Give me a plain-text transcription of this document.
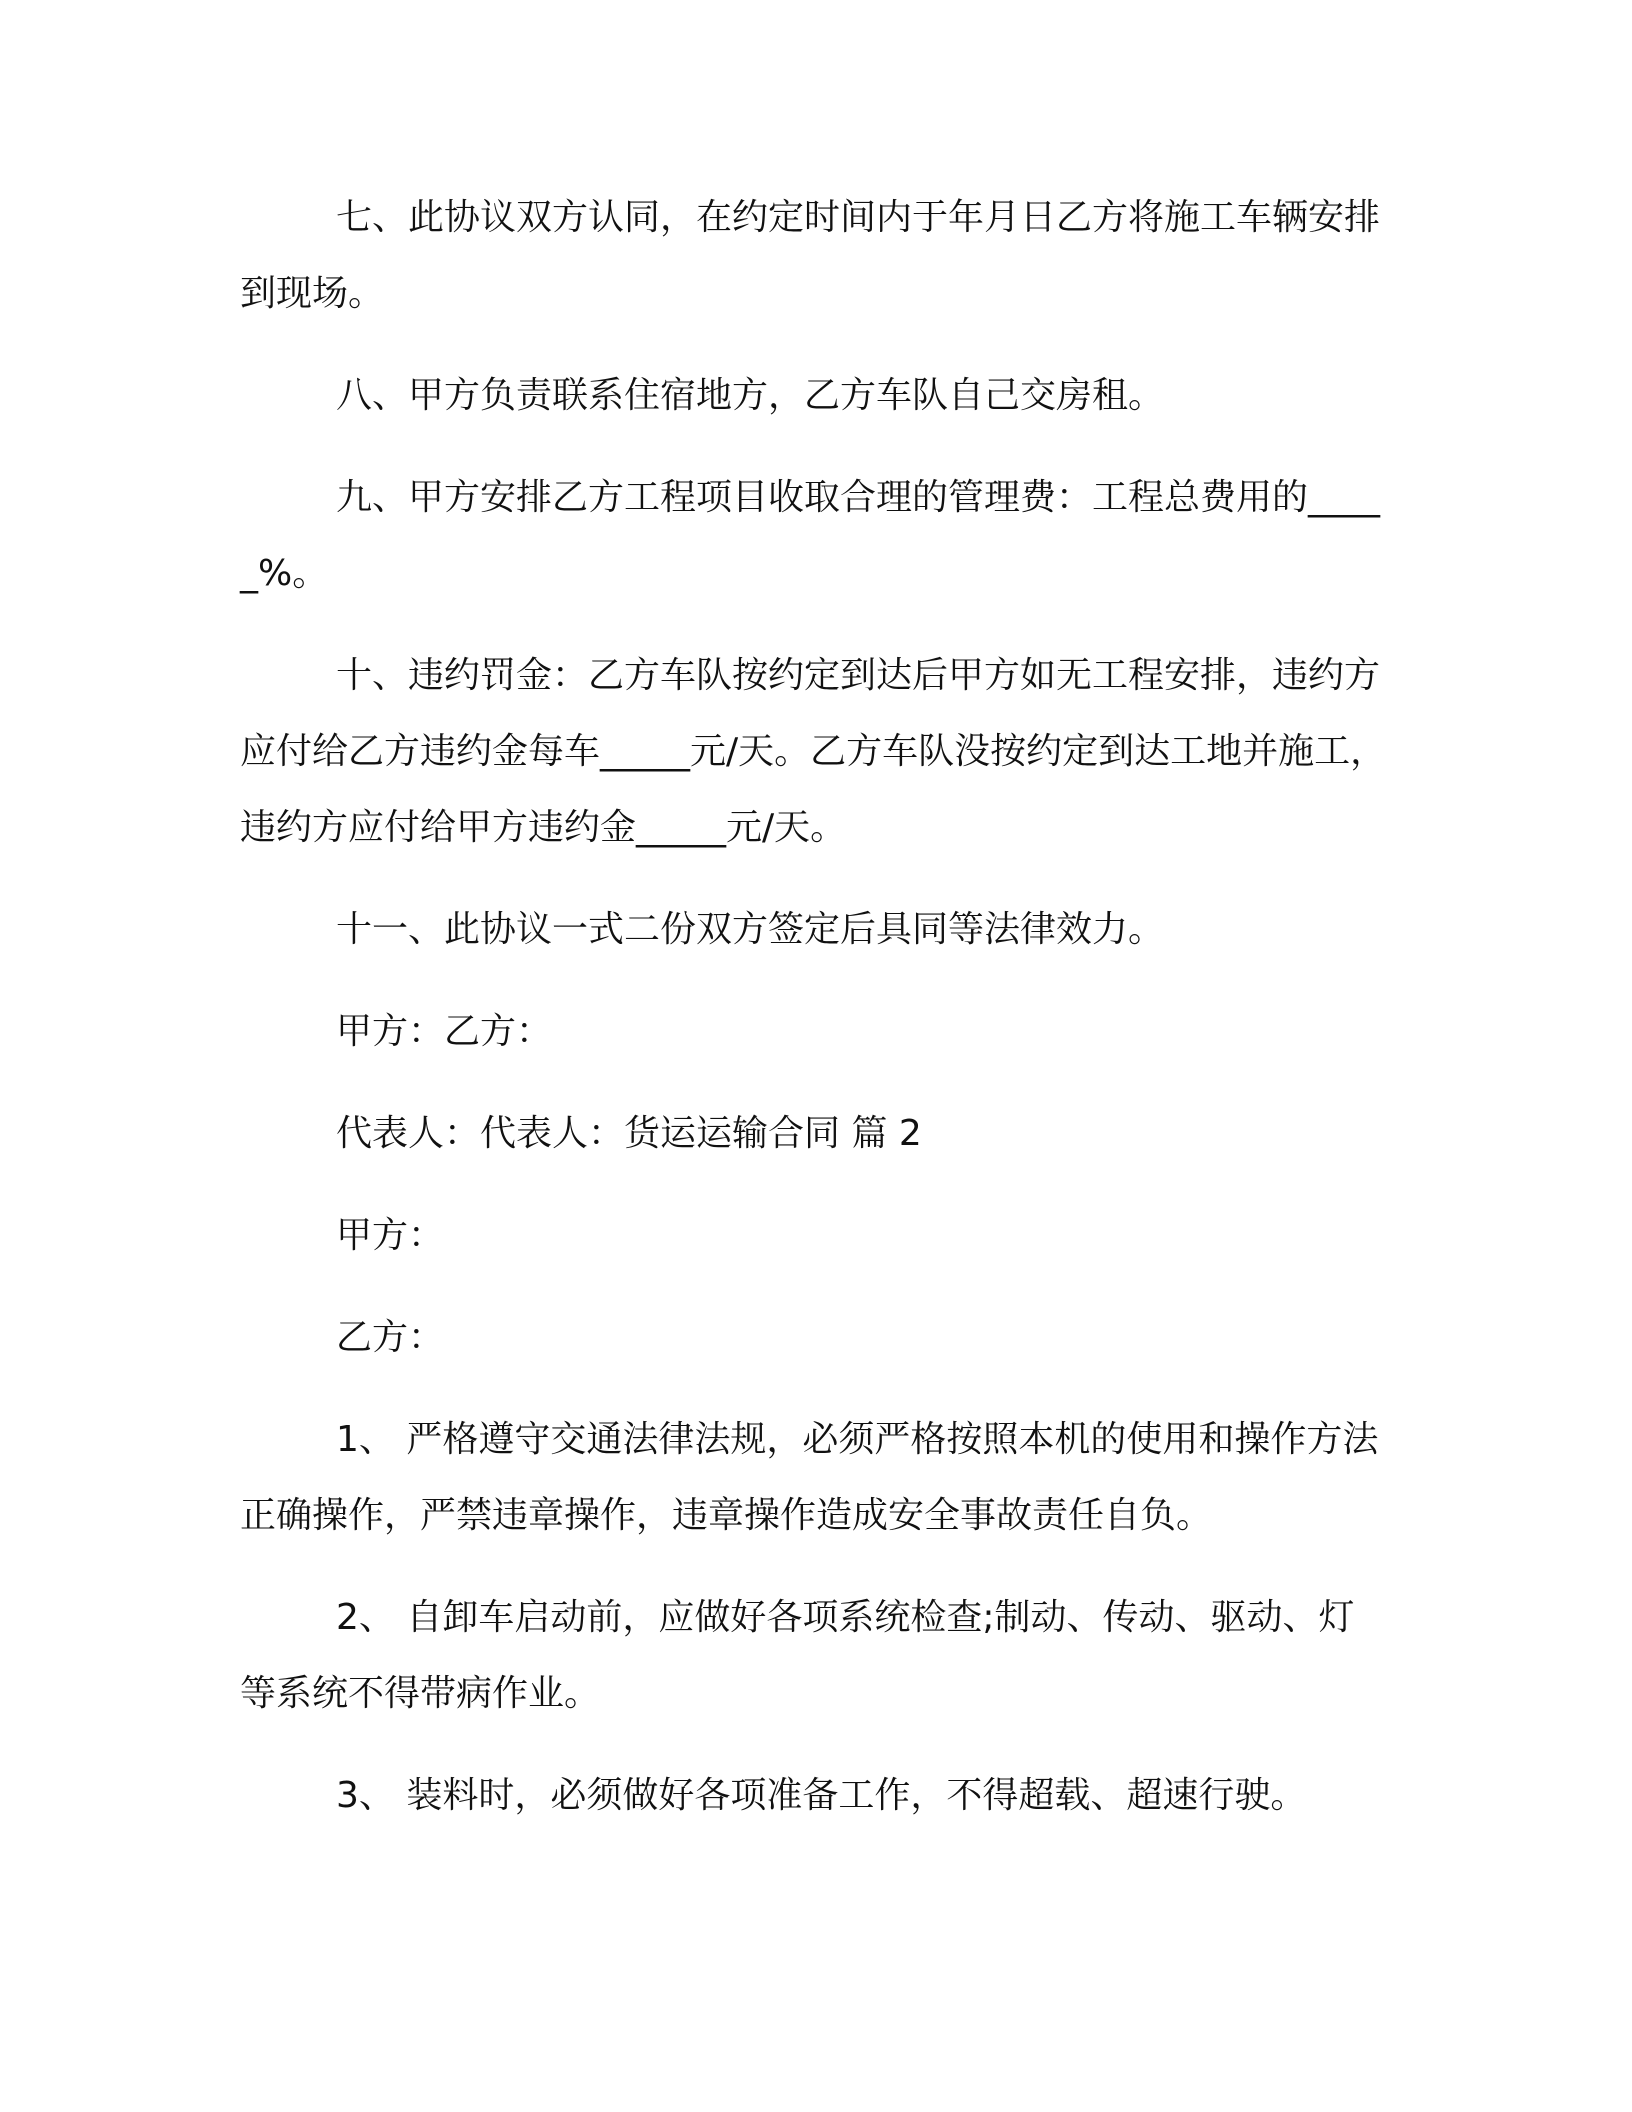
七、此协议双方认同，在约定时间内于年月日乙方将施工车辆安排到现场。

八、甲方负责联系住宿地方，乙方车队自己交房租。

九、甲方安排乙方工程项目收取合理的管理费：工程总费用的_____%。

十、违约罚金：乙方车队按约定到达后甲方如无工程安排，违约方应付给乙方违约金每车_____元/天。乙方车队没按约定到达工地并施工，违约方应付给甲方违约金_____元/天。

十一、此协议一式二份双方签定后具同等法律效力。

甲方：乙方：

代表人：代表人：货运运输合同 篇 2

甲方：

乙方：

1、 严格遵守交通法律法规，必须严格按照本机的使用和操作方法正确操作，严禁违章操作，违章操作造成安全事故责任自负。

2、 自卸车启动前，应做好各项系统检查;制动、传动、驱动、灯等系统不得带病作业。

3、 装料时，必须做好各项准备工作，不得超载、超速行驶。
